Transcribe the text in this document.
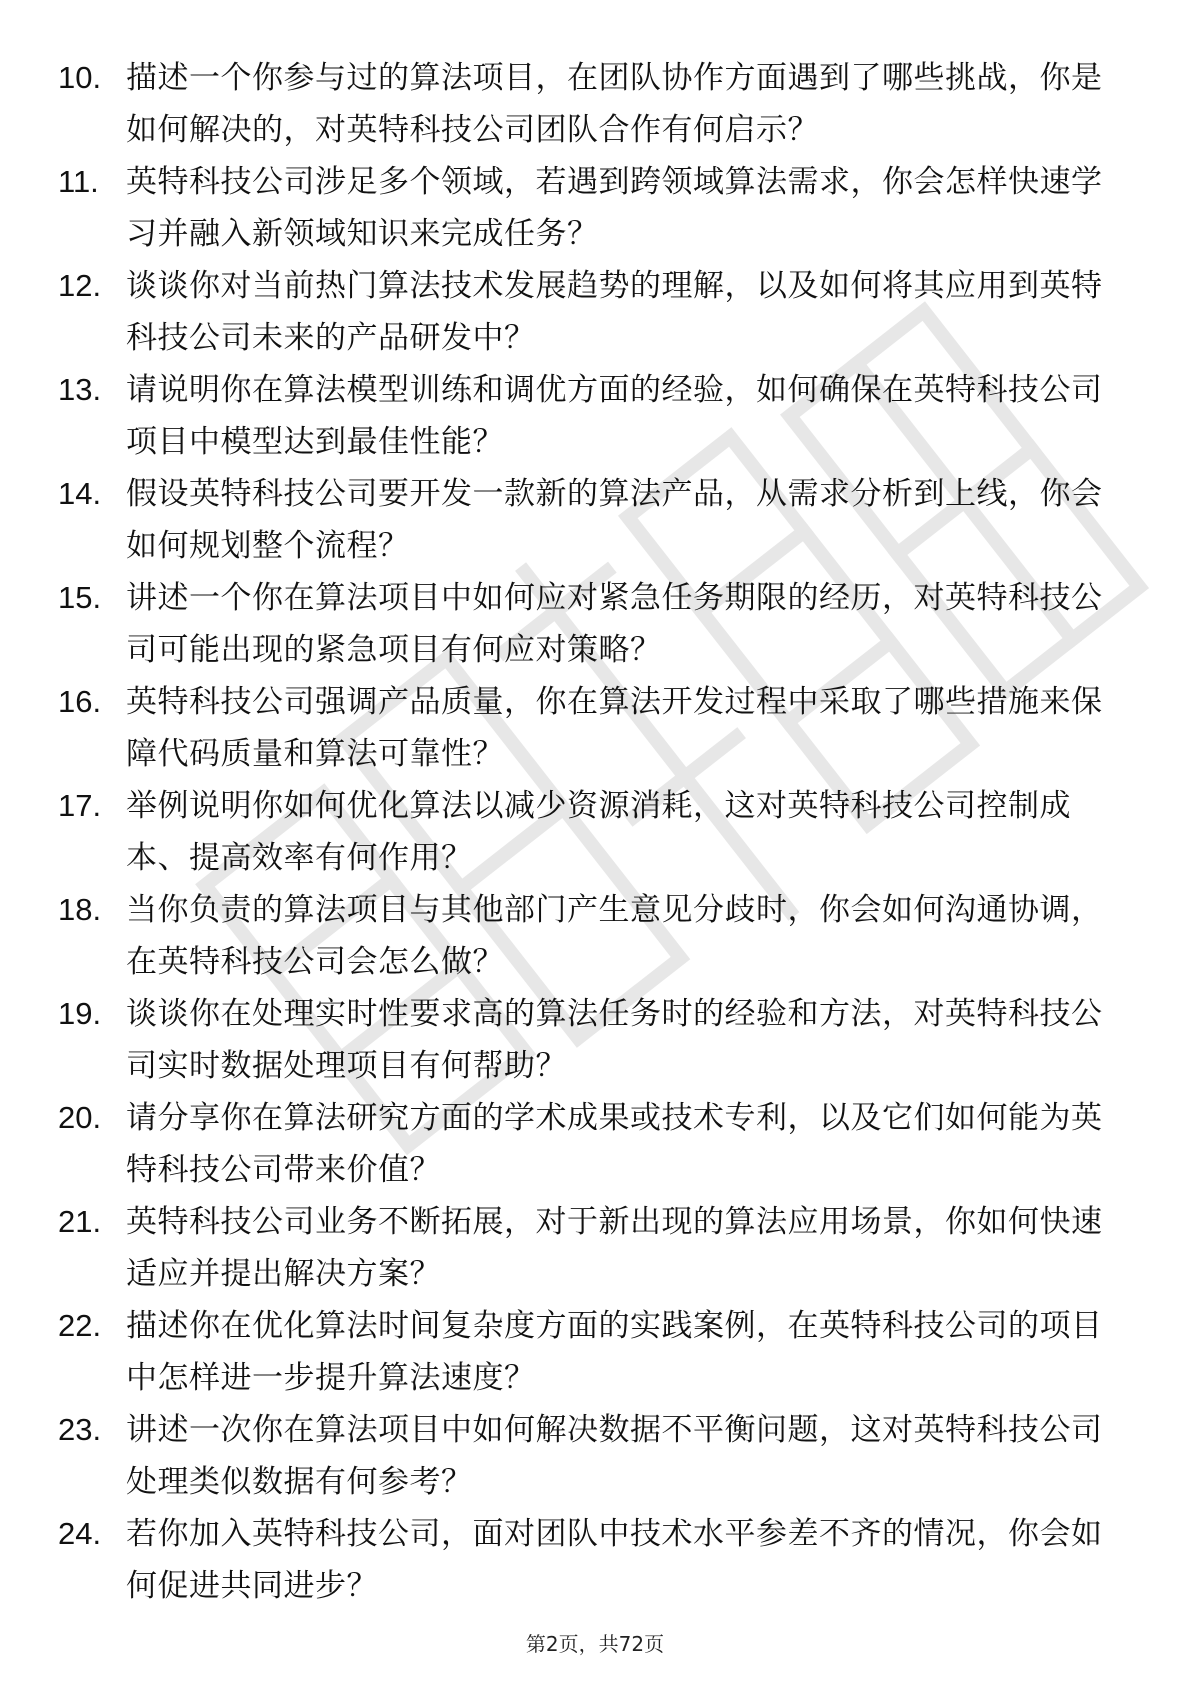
10. 描述一个你参与过的算法项目，在团队协作方面遇到了哪些挑战，你是如何解决的，对英特科技公司团队合作有何启示？
11. 英特科技公司涉足多个领域，若遇到跨领域算法需求，你会怎样快速学习并融入新领域知识来完成任务？
12. 谈谈你对当前热门算法技术发展趋势的理解，以及如何将其应用到英特科技公司未来的产品研发中？
13. 请说明你在算法模型训练和调优方面的经验，如何确保在英特科技公司项目中模型达到最佳性能？
14. 假设英特科技公司要开发一款新的算法产品，从需求分析到上线，你会如何规划整个流程？
15. 讲述一个你在算法项目中如何应对紧急任务期限的经历，对英特科技公司可能出现的紧急项目有何应对策略？
16. 英特科技公司强调产品质量，你在算法开发过程中采取了哪些措施来保障代码质量和算法可靠性？
17. 举例说明你如何优化算法以减少资源消耗，这对英特科技公司控制成本、提高效率有何作用？
18. 当你负责的算法项目与其他部门产生意见分歧时，你会如何沟通协调，在英特科技公司会怎么做？
19. 谈谈你在处理实时性要求高的算法任务时的经验和方法，对英特科技公司实时数据处理项目有何帮助？
20. 请分享你在算法研究方面的学术成果或技术专利，以及它们如何能为英特科技公司带来价值？
21. 英特科技公司业务不断拓展，对于新出现的算法应用场景，你如何快速适应并提出解决方案？
22. 描述你在优化算法时间复杂度方面的实践案例，在英特科技公司的项目中怎样进一步提升算法速度？
23. 讲述一次你在算法项目中如何解决数据不平衡问题，这对英特科技公司处理类似数据有何参考？
24. 若你加入英特科技公司，面对团队中技术水平参差不齐的情况，你会如何促进共同进步？
第2页，共72页
